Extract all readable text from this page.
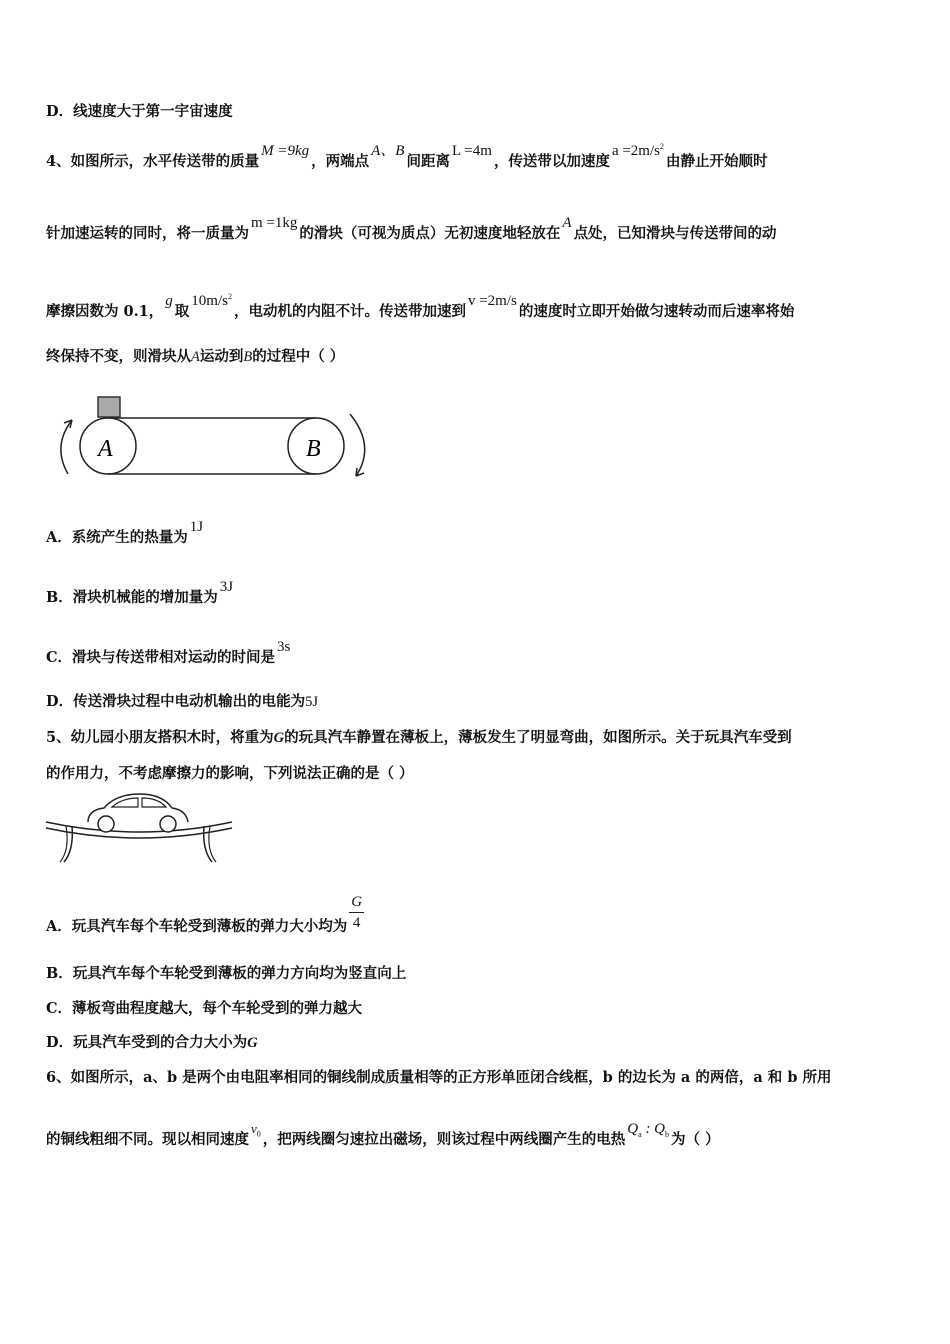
D．线速度大于第一宇宙速度
4、如图所示，水平传送带的质量M =9kg，两端点A、B间距离L =4m，传送带以加速度$a =2m/s^2$由静止开始顺时
针加速运转的同时，将一质量为m =1kg的滑块（可视为质点）无初速度地轻放在A点处，已知滑块与传送带间的动
摩擦因数为 0.1，g取$10m/s^2$，电动机的内阻不计。传送带加速到v =2m/s的速度时立即开始做匀速转动而后速率将始
终保持不变，则滑块从A运动到B的过程中（ ）
A	B
A．系统产生的热量为1J
B．滑块机械能的增加量为3J
C．滑块与传送带相对运动的时间是3s
D．传送滑块过程中电动机输出的电能为5J
5、幼儿园小朋友搭积木时，将重为G的玩具汽车静置在薄板上，薄板发生了明显弯曲，如图所示。关于玩具汽车受到
的作用力，不考虑摩擦力的影响，下列说法正确的是（ ）
A．玩具汽车每个车轮受到薄板的弹力大小均为 $\frac{G}{4}$
B．玩具汽车每个车轮受到薄板的弹力方向均为竖直向上
C．薄板弯曲程度越大，每个车轮受到的弹力越大
D．玩具汽车受到的合力大小为G
6、如图所示，a、b 是两个由电阻率相同的铜线制成质量相等的正方形单匝闭合线框，b 的边长为 a 的两倍，a 和 b 所用
的铜线粗细不同。现以相同速度$v_0$ ，把两线圈匀速拉出磁场，则该过程中两线圈产生的电热$Q_a$ : $Q_b$ 为（ ）
